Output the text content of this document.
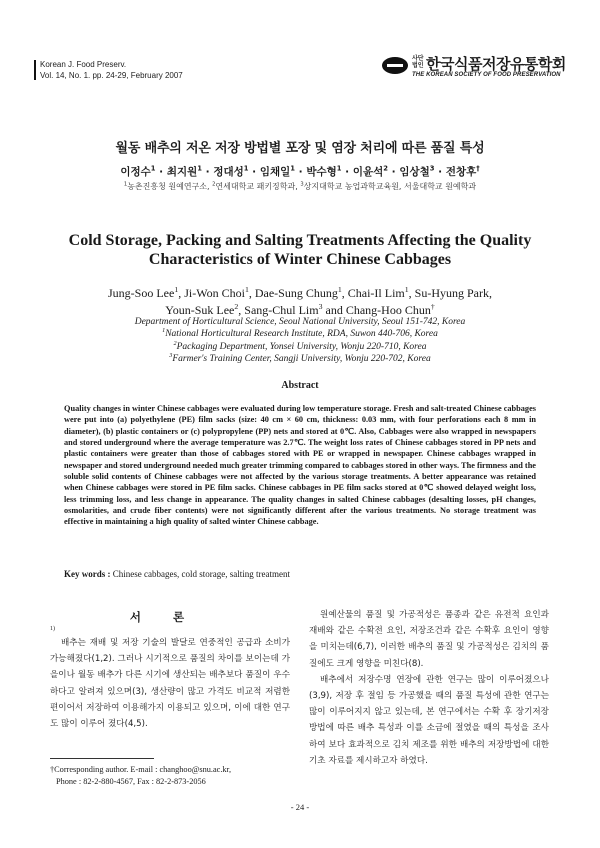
Korean J. Food Preserv.
Vol. 14, No. 1. pp. 24-29, February 2007
사단법인 한국식품저장유통학회
THE KOREAN SOCIETY OF FOOD PRESERVATION
월동 배추의 저온 저장 방법별 포장 및 염장 처리에 따른 품질 특성
이정수$^1$ · 최지원$^1$ · 정대성$^1$ · 임채일$^1$ · 박수형$^1$ · 이윤석$^2$ · 임상철$^3$ · 전창후†
$^1$농촌진흥청 원예연구소, $^2$연세대학교 패키징학과, $^3$상지대학교 농업과학교육원, 서울대학교 원예학과
Cold Storage, Packing and Salting Treatments Affecting the Quality
Characteristics of Winter Chinese Cabbages
Jung-Soo Lee$^1$, Ji-Won Choi$^1$, Dae-Sung Chung$^1$, Chai-Il Lim$^1$, Su-Hyung Park,
Youn-Suk Lee$^2$, Sang-Chul Lim$^3$ and Chang-Hoo Chun†
Department of Horticultural Science, Seoul National University, Seoul 151-742, Korea
$^1$National Horticultural Research Institute, RDA, Suwon 440-706, Korea
$^2$Packaging Department, Yonsei University, Wonju 220-710, Korea
$^3$Farmer's Training Center, Sangji University, Wonju 220-702, Korea
Abstract
Quality changes in winter Chinese cabbages were evaluated during low temperature storage. Fresh and salt-treated Chinese cabbages were put into (a) polyethylene (PE) film sacks (size: 40 cm × 60 cm, thickness: 0.03 mm, with four perforations each 8 mm in diameter), (b) plastic containers or (c) polypropylene (PP) nets and stored at 0℃. Also, Cabbages were also wrapped in newspapers and stored underground where the average temperature was 2.7℃. The weight loss rates of Chinese cabbages stored in PP nets and plastic containers were greater than those of cabbages stored with PE or wrapped in newspaper. Chinese cabbages wrapped in newspaper and stored underground needed much greater trimming compared to cabbages stored in other ways. The firmness and the soluble solid contents of Chinese cabbages were not affected by the various storage treatments. A better appearance was retained when Chinese cabbages were stored in PE film sacks. Chinese cabbages in PE film sacks stored at 0℃ showed delayed weight loss, less trimming loss, and less change in appearance. The quality changes in salted Chinese cabbages (desalting losses, pH changes, osmolarities, and crude fiber contents) were not significantly different after the various treatments. No storage treatment was effective in maintaining a high quality of salted winter Chinese cabbage.
Key words : Chinese cabbages, cold storage, salting treatment
서 론
1)

배추는 재배 및 저장 기술의 발달로 연중적인 공급과 소비가 가능해졌다(1,2). 그러나 시기적으로 품질의 차이를 보이는데 가을이나 월동 배추가 다른 시기에 생산되는 배추보다 품질이 우수하다고 알려져 있으며(3), 생산량이 많고 가격도 비교적 저렴한 편이어서 저장하여 이용해가지 이용되고 있으며, 이에 대한 연구도 많이 이루어 졌다(4,5).

원예산물의 품질 및 가공적성은 품종과 같은 유전적 요인과 재배와 같은 수확전 요인, 저장조건과 같은 수확후 요인이 영향을 미치는데(6,7), 이러한 배추의 품질 및 가공적성은 김치의 품질에도 크게 영향을 미친다(8).

배추에서 저장수명 연장에 관한 연구는 많이 이루어졌으나(3,9), 저장 후 절임 등 가공했을 때의 품질 특성에 관한 연구는 많이 이루어지지 않고 있는데, 본 연구에서는 수확 후 장기저장 방법에 따른 배추 특성과 이를 소금에 절였을 때의 특성을 조사하여 보다 효과적으로 김치 제조를 위한 배추의 저장방법에 대한 기초 자료를 제시하고자 하였다.

†Corresponding author. E-mail : changhoo@snu.ac.kr,
Phone : 82-2-880-4567, Fax : 82-2-873-2056
- 24 -
